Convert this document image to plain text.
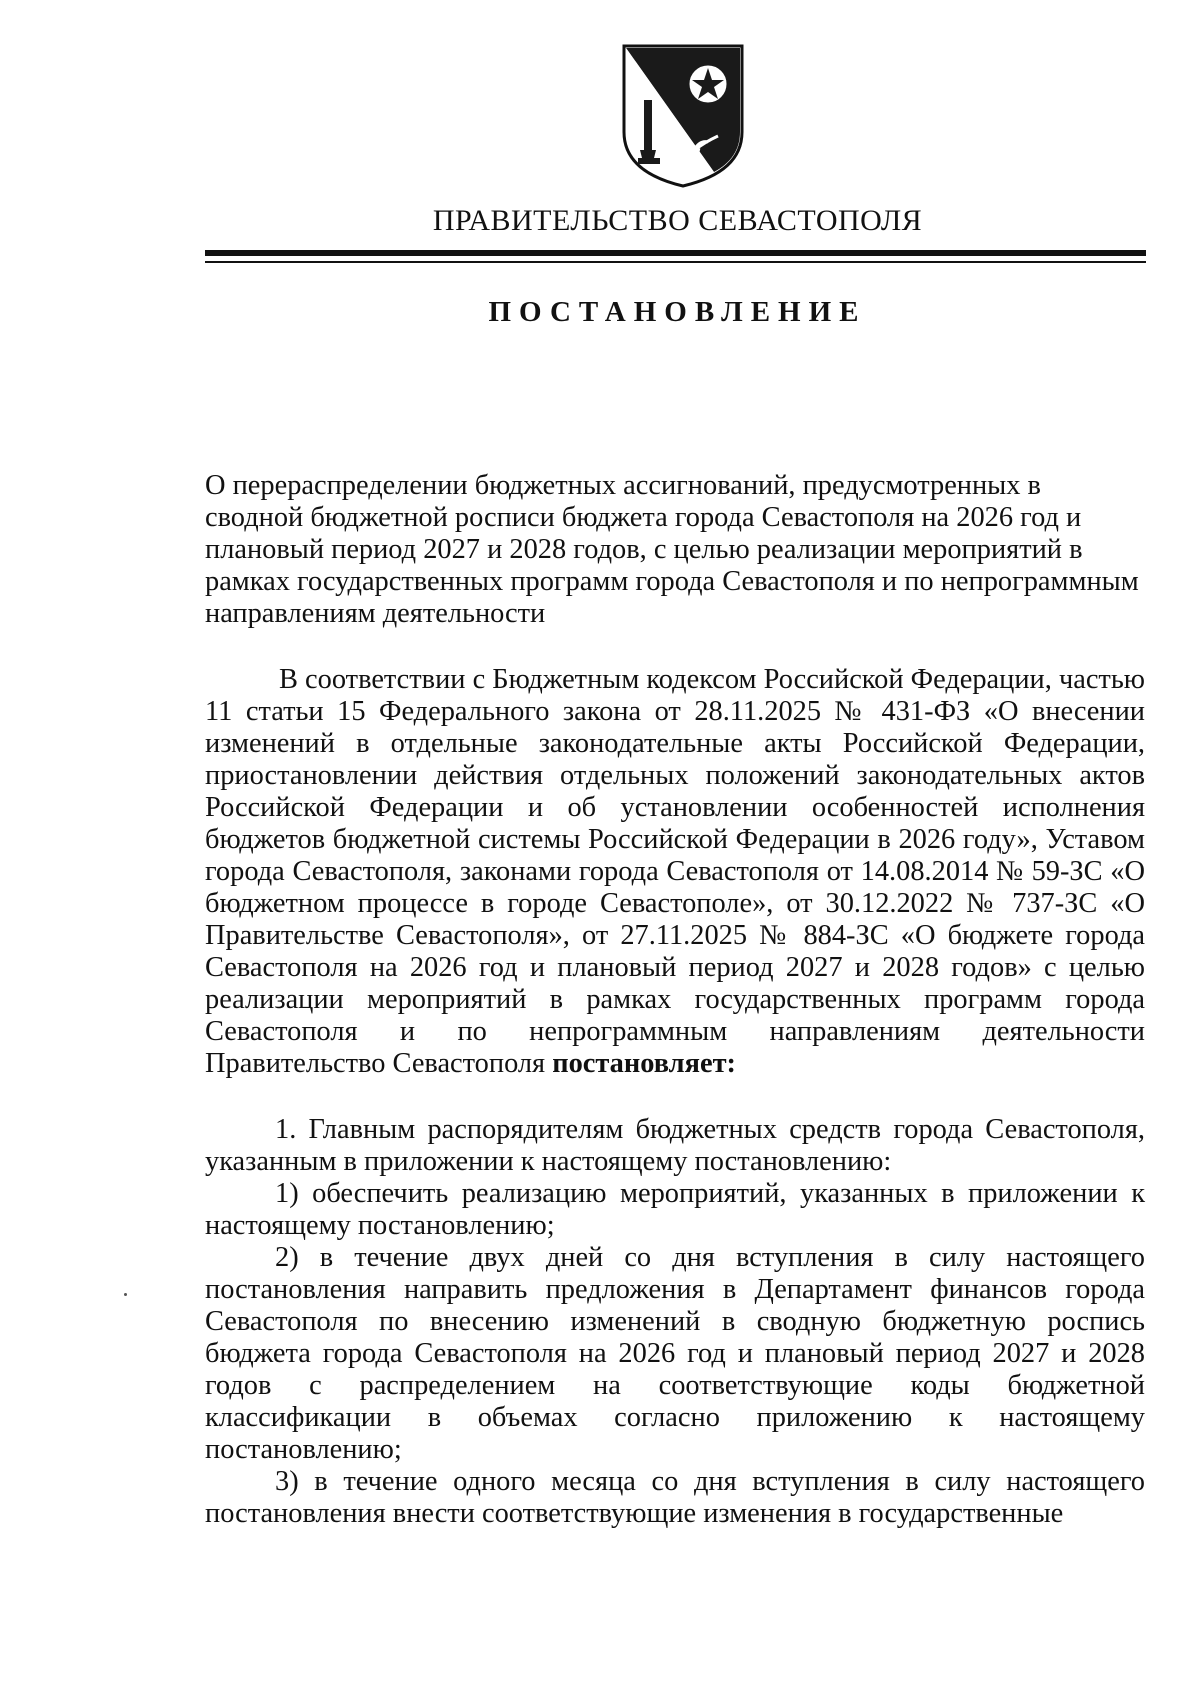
ПРАВИТЕЛЬСТВО СЕВАСТОПОЛЯ
ПОСТАНОВЛЕНИЕ

О перераспределении бюджетных ассигнований, предусмотренных в сводной бюджетной росписи бюджета города Севастополя на 2026 год и плановый период 2027 и 2028 годов, с целью реализации мероприятий в рамках государственных программ города Севастополя и по непрограммным направлениям деятельности

В соответствии с Бюджетным кодексом Российской Федерации, частью 11 статьи 15 Федерального закона от 28.11.2025 № 431-ФЗ «О внесении изменений в отдельные законодательные акты Российской Федерации, приостановлении действия отдельных положений законодательных актов Российской Федерации и об установлении особенностей исполнения бюджетов бюджетной системы Российской Федерации в 2026 году», Уставом города Севастополя, законами города Севастополя от 14.08.2014 № 59-ЗС «О бюджетном процессе в городе Севастополе», от 30.12.2022 № 737-ЗС «О Правительстве Севастополя», от 27.11.2025 № 884-ЗС «О бюджете города Севастополя на 2026 год и плановый период 2027 и 2028 годов» с целью реализации мероприятий в рамках государственных программ города Севастополя и по непрограммным направлениям деятельности Правительство Севастополя постановляет:

1. Главным распорядителям бюджетных средств города Севастополя, указанным в приложении к настоящему постановлению:

1) обеспечить реализацию мероприятий, указанных в приложении к настоящему постановлению;

2) в течение двух дней со дня вступления в силу настоящего постановления направить предложения в Департамент финансов города Севастополя по внесению изменений в сводную бюджетную роспись бюджета города Севастополя на 2026 год и плановый период 2027 и 2028 годов с распределением на соответствующие коды бюджетной классификации в объемах согласно приложению к настоящему постановлению;

3) в течение одного месяца со дня вступления в силу настоящего постановления внести соответствующие изменения в государственные
